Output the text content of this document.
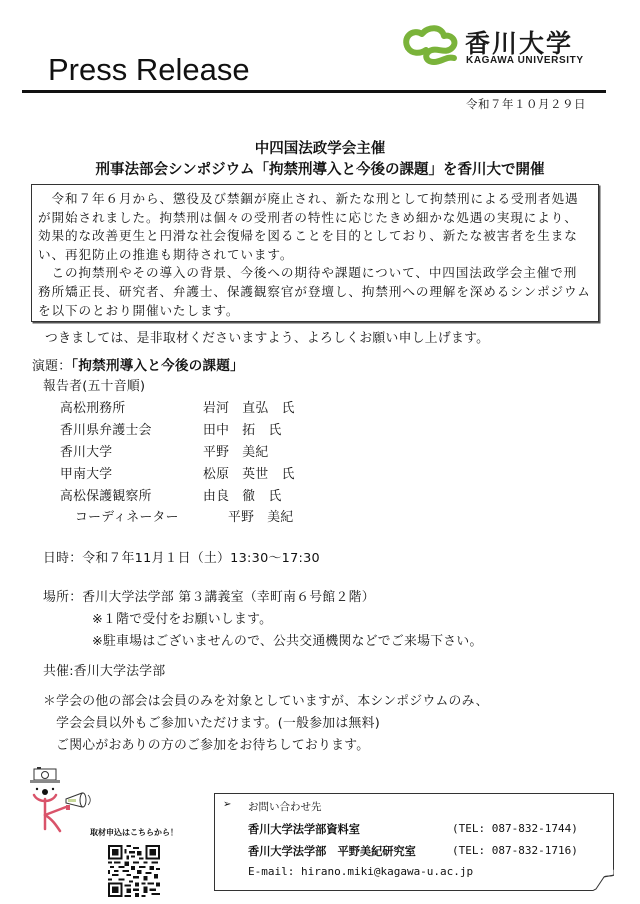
Press Release
香川大学
KAGAWA UNIVERSITY
令和７年１０月２９日
中四国法政学会主催
刑事法部会シンポジウム「拘禁刑導入と今後の課題」を香川大で開催

　令和７年６月から、懲役及び禁錮が廃止され、新たな刑として拘禁刑による受刑者処遇

が開始されました。拘禁刑は個々の受刑者の特性に応じたきめ細かな処遇の実現により、

効果的な改善更生と円滑な社会復帰を図ることを目的としており、新たな被害者を生まな

い、再犯防止の推進も期待されています。

　この拘禁刑やその導入の背景、今後への期待や課題について、中四国法政学会主催で刑

務所矯正長、研究者、弁護士、保護観察官が登壇し、拘禁刑への理解を深めるシンポジウム

を以下のとおり開催いたします。

つきましては、是非取材くださいますよう、よろしくお願い申し上げます。
演題：「拘禁刑導入と今後の課題」
報告者(五十音順)
高松刑務所	岩河　直弘　氏
香川県弁護士会	田中　拓　氏
香川大学	平野　美紀
甲南大学	松原　英世　氏
高松保護観察所	由良　徹　氏
コーディネーター	平野　美紀
日時：令和７年11月１日（土）13:30～17:30
場所：香川大学法学部 第３講義室（幸町南６号館２階）
※１階で受付をお願いします。
※駐車場はございませんので、公共交通機関などでご来場下さい。
共催:香川大学法学部
＊学会の他の部会は会員のみを対象としていますが、本シンポジウムのみ、
　学会会員以外もご参加いただけます。(一般参加は無料)
　ご関心がおありの方のご参加をお待ちしております。
取材申込はこちらから！
➢ お問い合わせ先
香川大学法学部資料室	(TEL: 087-832-1744)
香川大学法学部　平野美紀研究室	(TEL: 087-832-1716)
E-mail: hirano.miki@kagawa-u.ac.jp
